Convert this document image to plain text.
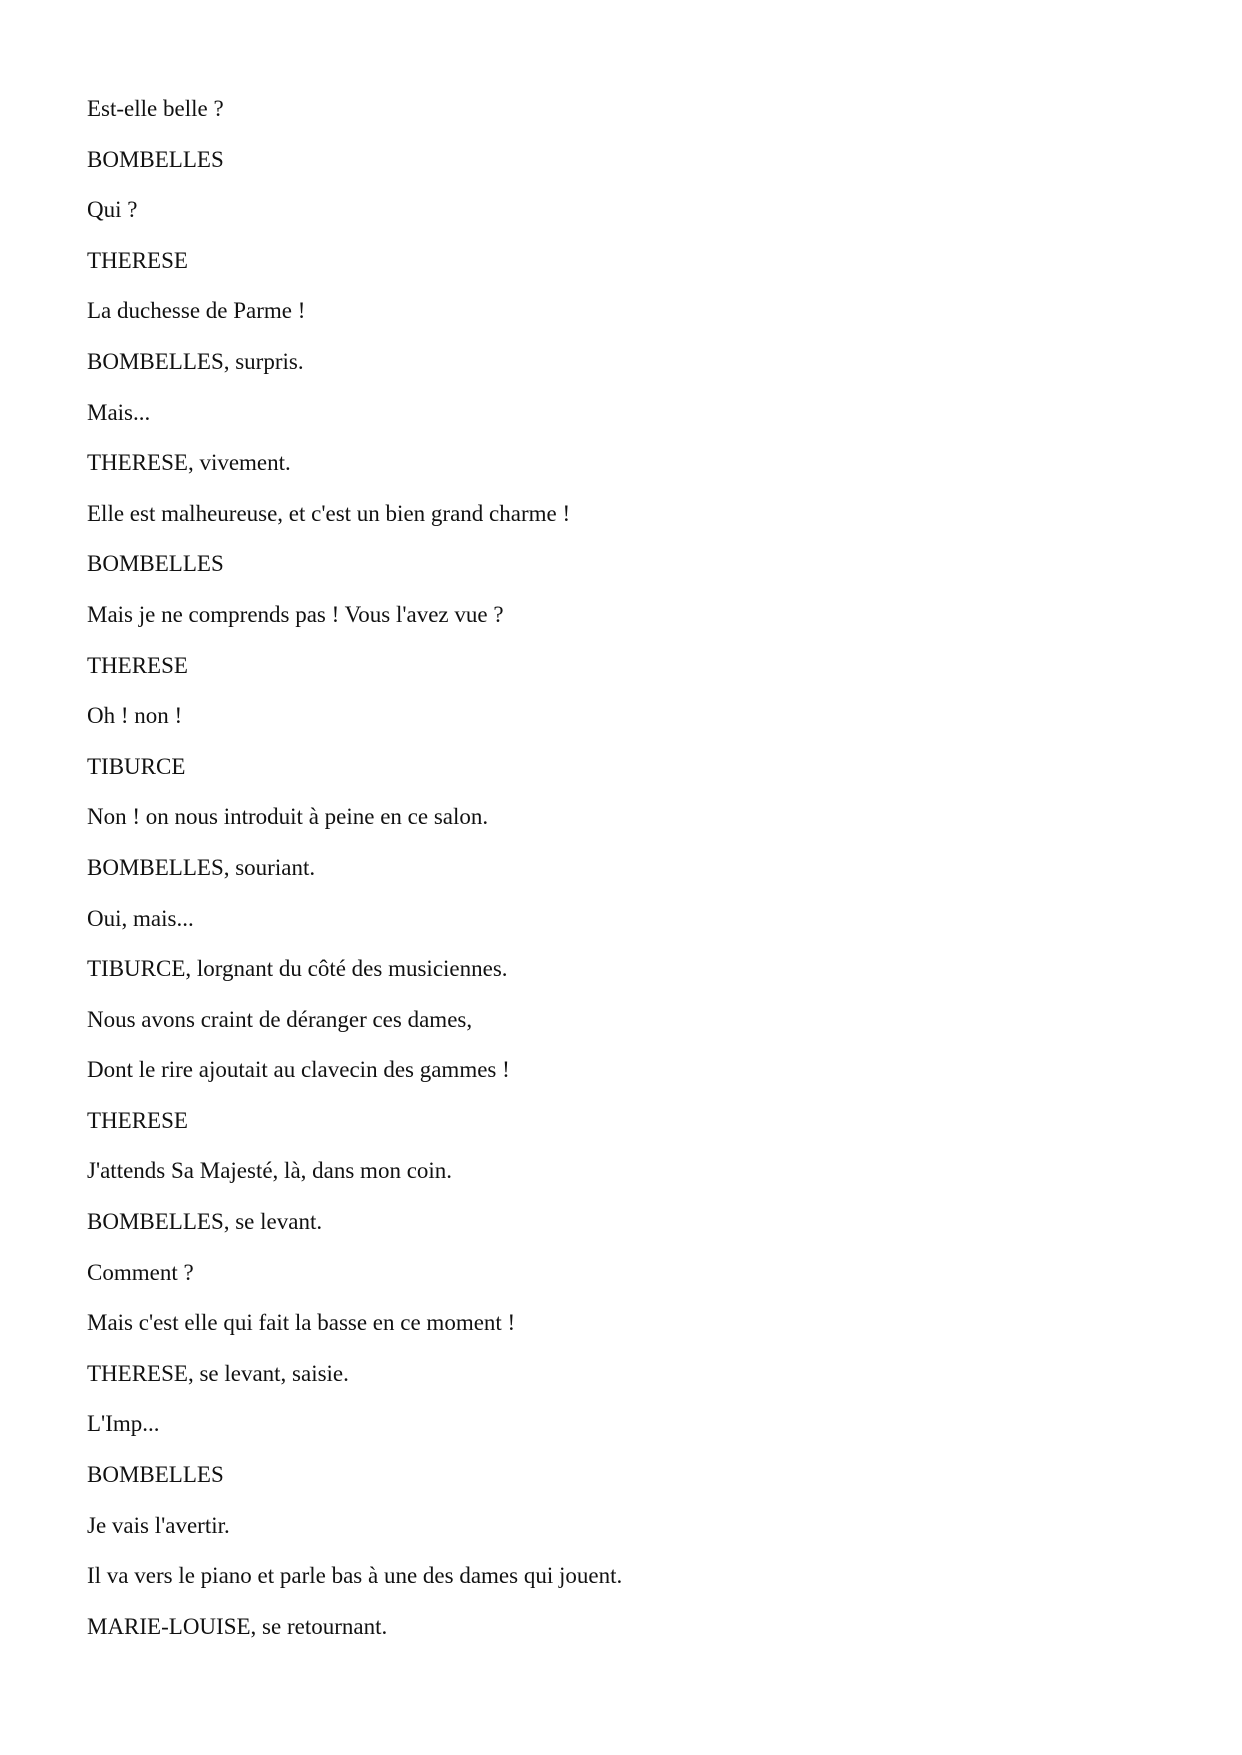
Est-elle belle ?
BOMBELLES
Qui ?
THERESE
La duchesse de Parme !
BOMBELLES, surpris.
Mais...
THERESE, vivement.
Elle est malheureuse, et c'est un bien grand charme !
BOMBELLES
Mais je ne comprends pas ! Vous l'avez vue ?
THERESE
Oh ! non !
TIBURCE
Non ! on nous introduit à peine en ce salon.
BOMBELLES, souriant.
Oui, mais...
TIBURCE, lorgnant du côté des musiciennes.
Nous avons craint de déranger ces dames,
Dont le rire ajoutait au clavecin des gammes !
THERESE
J'attends Sa Majesté, là, dans mon coin.
BOMBELLES, se levant.
Comment ?
Mais c'est elle qui fait la basse en ce moment !
THERESE, se levant, saisie.
L'Imp...
BOMBELLES
Je vais l'avertir.
Il va vers le piano et parle bas à une des dames qui jouent.
MARIE-LOUISE, se retournant.
